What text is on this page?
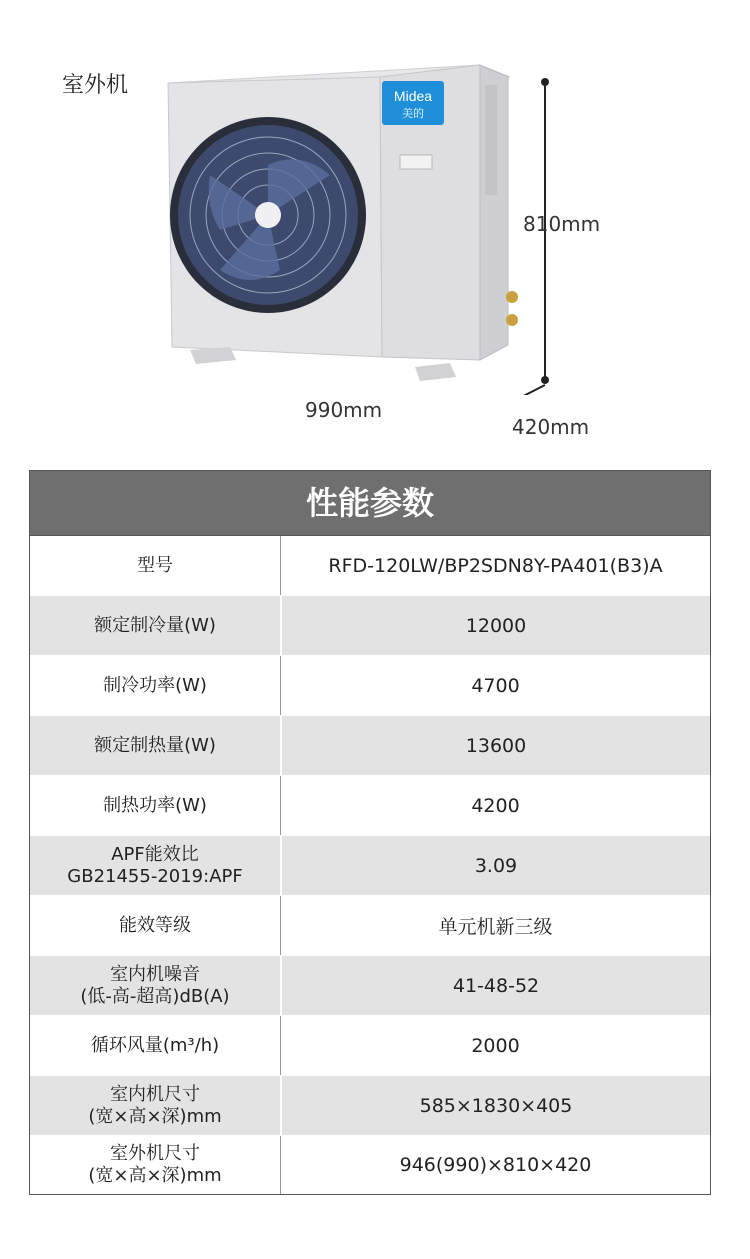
室外机	Midea
美的
810mm
990mm
420mm
性能参数
型号	RFD-120LW/BP2SDN8Y-PA401(B3)A
额定制冷量(W)	12000
制冷功率(W)	4700
额定制热量(W)	13600
制热功率(W)	4200
APF能效比
GB21455-2019:APF	3.09
能效等级	单元机新三级
室内机噪音
(低-高-超高)dB(A)	41-48-52
循环风量(m³/h)	2000
室内机尺寸
(宽×高×深)mm	585×1830×405
室外机尺寸
(宽×高×深)mm	946(990)×810×420
